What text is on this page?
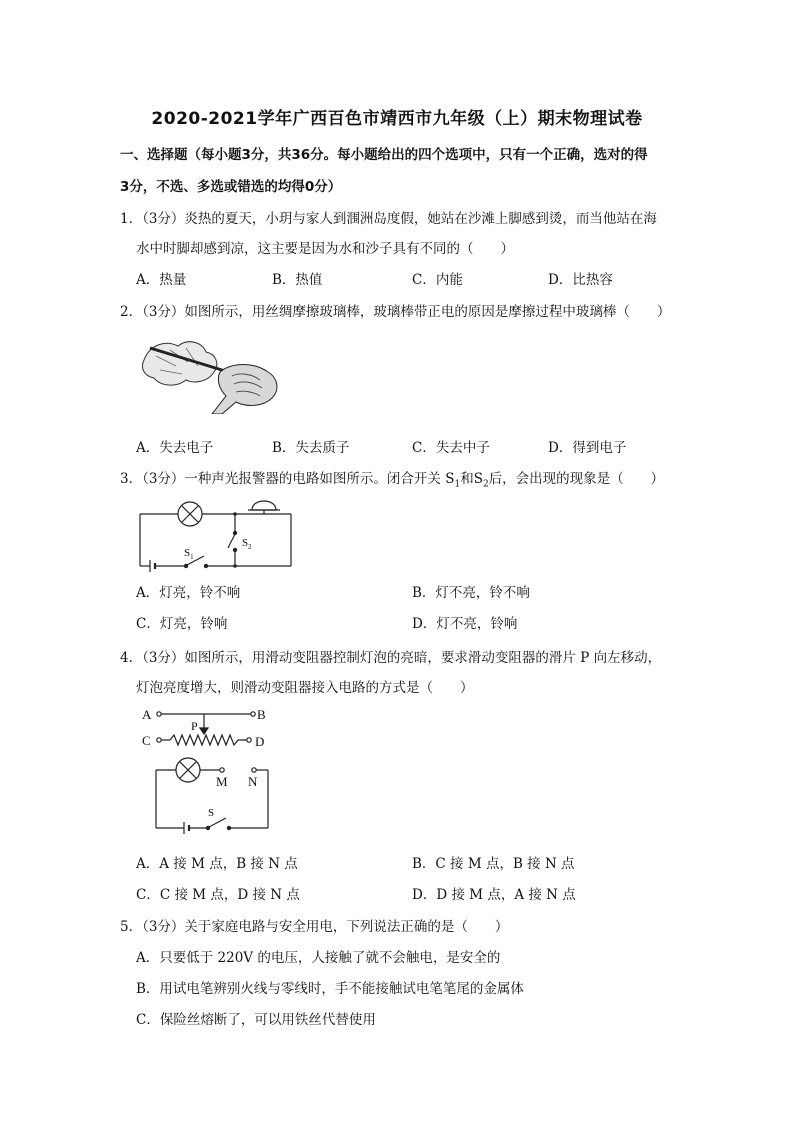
2020-2021学年广西百色市靖西市九年级（上）期末物理试卷
一、选择题（每小题3分，共36分。每小题给出的四个选项中，只有一个正确，选对的得
3分，不选、多选或错选的均得0分）
1．（3分）炎热的夏天，小玥与家人到涠洲岛度假，她站在沙滩上脚感到烫，而当他站在海
水中时脚却感到凉，这主要是因为水和沙子具有不同的（　　）
A．热量	B．热值	C．内能	D．比热容
2．（3分）如图所示，用丝绸摩擦玻璃棒，玻璃棒带正电的原因是摩擦过程中玻璃棒（　　）
A．失去电子	B．失去质子	C．失去中子	D．得到电子
3．（3分）一种声光报警器的电路如图所示。闭合开关 $S_1$和$S_2$后，会出现的现象是（　　）
$S_1$
$S_2$
A．灯亮，铃不响	B．灯不亮，铃不响
C．灯亮，铃响	D．灯不亮，铃响
4．（3分）如图所示，用滑动变阻器控制灯泡的亮暗，要求滑动变阻器的滑片 P 向左移动，
灯泡亮度增大，则滑动变阻器接入电路的方式是（　　）
A	B
C	D
P
M N
S
A．A 接 M 点，B 接 N 点	B．C 接 M 点，B 接 N 点
C．C 接 M 点，D 接 N 点	D．D 接 M 点，A 接 N 点
5．（3分）关于家庭电路与安全用电，下列说法正确的是（　　）
A．只要低于 220V 的电压，人接触了就不会触电，是安全的
B．用试电笔辨别火线与零线时，手不能接触试电笔笔尾的金属体
C．保险丝熔断了，可以用铁丝代替使用
